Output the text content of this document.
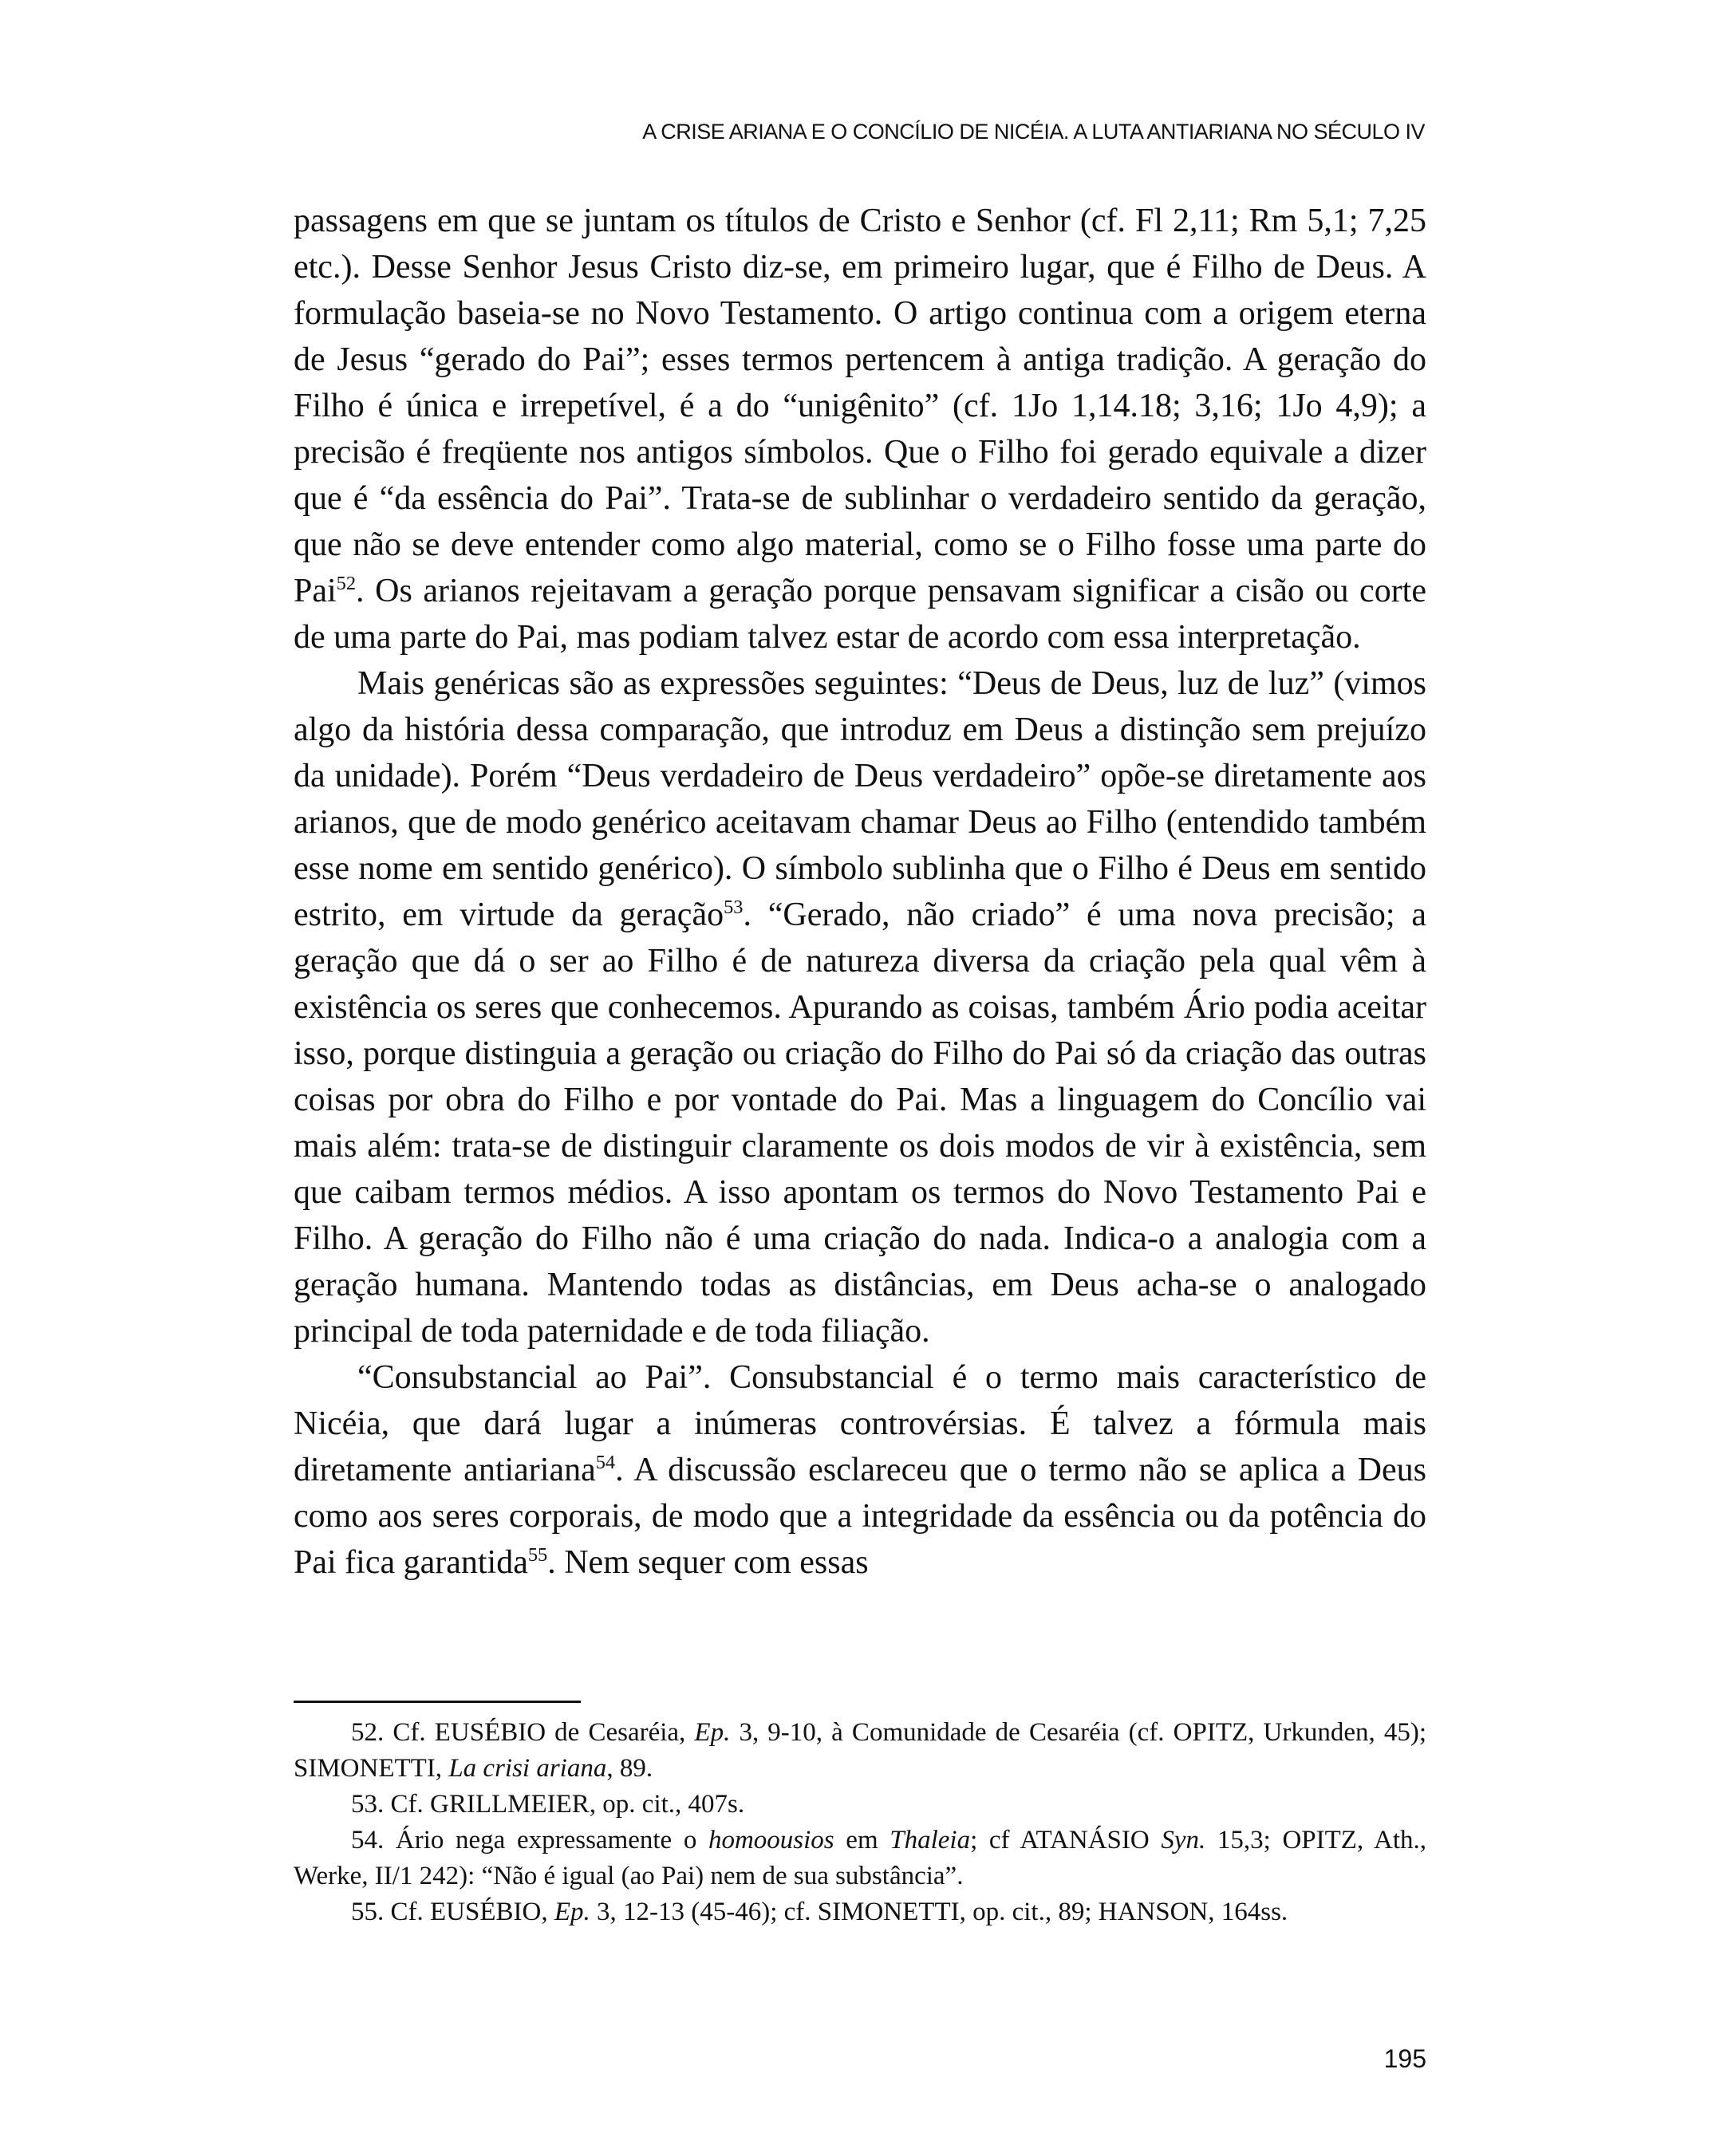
A CRISE ARIANA E O CONCÍLIO DE NICÉIA. A LUTA ANTIARIANA NO SÉCULO IV

passagens em que se juntam os títulos de Cristo e Senhor (cf. Fl 2,11; Rm 5,1; 7,25 etc.). Desse Senhor Jesus Cristo diz-se, em primeiro lugar, que é Filho de Deus. A formulação baseia-se no Novo Testamento. O artigo continua com a origem eterna de Jesus “gerado do Pai”; esses termos pertencem à antiga tradição. A geração do Filho é única e irrepetível, é a do “unigênito” (cf. 1Jo 1,14.18; 3,16; 1Jo 4,9); a precisão é freqüente nos antigos símbolos. Que o Filho foi gerado equivale a dizer que é “da essência do Pai”. Trata-se de sublinhar o verdadeiro sentido da geração, que não se deve entender como algo material, como se o Filho fosse uma parte do Pai$^{52}$. Os arianos rejeitavam a geração porque pensavam significar a cisão ou corte de uma parte do Pai, mas podiam talvez estar de acordo com essa interpretação.

Mais genéricas são as expressões seguintes: “Deus de Deus, luz de luz” (vimos algo da história dessa comparação, que introduz em Deus a distinção sem prejuízo da unidade). Porém “Deus verdadeiro de Deus verdadeiro” opõe-se diretamente aos arianos, que de modo genérico aceitavam chamar Deus ao Filho (entendido também esse nome em sentido genérico). O símbolo sublinha que o Filho é Deus em sentido estrito, em virtude da geração$^{53}$. “Gerado, não criado” é uma nova precisão; a geração que dá o ser ao Filho é de natureza diversa da criação pela qual vêm à existência os seres que conhecemos. Apurando as coisas, também Ário podia aceitar isso, porque distinguia a geração ou criação do Filho do Pai só da criação das outras coisas por obra do Filho e por vontade do Pai. Mas a linguagem do Concílio vai mais além: trata-se de distinguir claramente os dois modos de vir à existência, sem que caibam termos médios. A isso apontam os termos do Novo Testamento Pai e Filho. A geração do Filho não é uma criação do nada. Indica-o a analogia com a geração humana. Mantendo todas as distâncias, em Deus acha-se o analogado principal de toda paternidade e de toda filiação.

“Consubstancial ao Pai”. Consubstancial é o termo mais característico de Nicéia, que dará lugar a inúmeras controvérsias. É talvez a fórmula mais diretamente antiariana$^{54}$. A discussão esclareceu que o termo não se aplica a Deus como aos seres corporais, de modo que a integridade da essência ou da potência do Pai fica garantida$^{55}$. Nem sequer com essas

52. Cf. EUSÉBIO de Cesaréia, Ep. 3, 9-10, à Comunidade de Cesaréia (cf. OPITZ, Urkunden, 45); SIMONETTI, La crisi ariana, 89.

53. Cf. GRILLMEIER, op. cit., 407s.

54. Ário nega expressamente o homoousios em Thaleia; cf ATANÁSIO Syn. 15,3; OPITZ, Ath., Werke, II/1 242): “Não é igual (ao Pai) nem de sua substância”.

55. Cf. EUSÉBIO, Ep. 3, 12-13 (45-46); cf. SIMONETTI, op. cit., 89; HANSON, 164ss.

195
